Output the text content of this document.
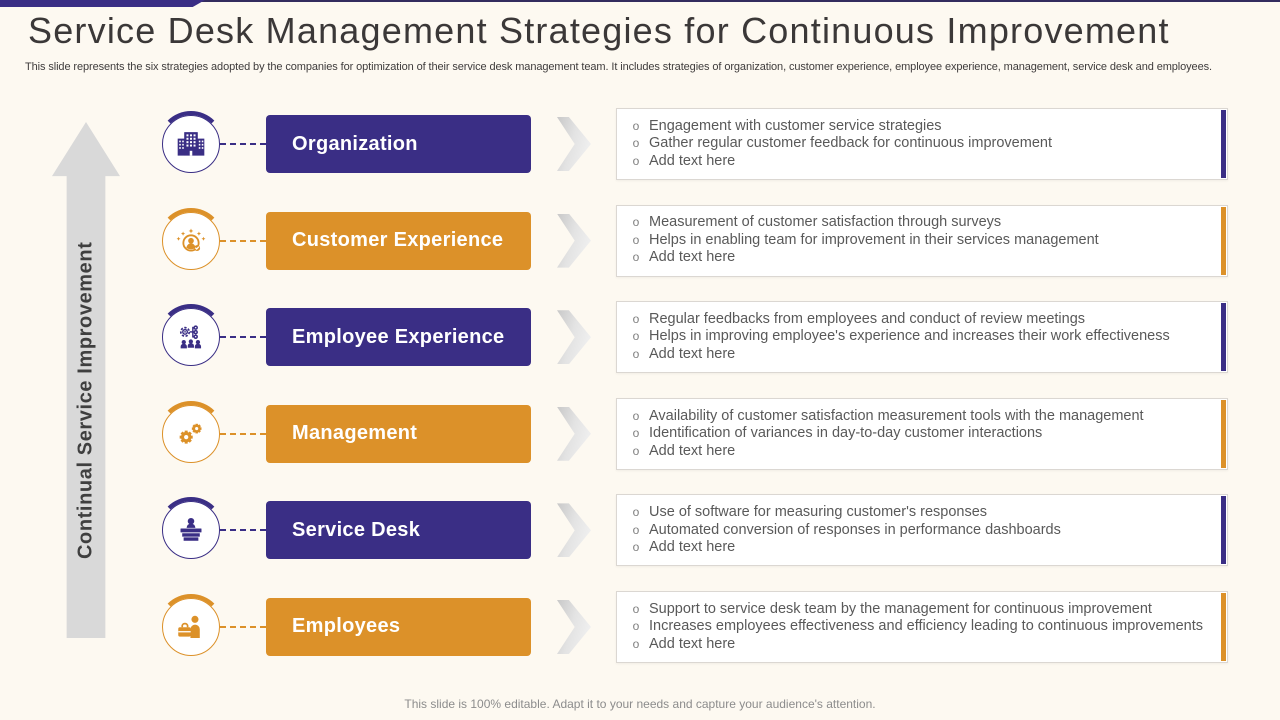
Service Desk Management Strategies for Continuous Improvement

This slide represents the six strategies adopted by the companies for optimization of their service desk management team. It includes strategies of organization, customer experience, employee experience, management, service desk and employees.

Continual Service Improvement
Organization
o Engagement with customer service strategies
o Gather regular customer feedback for continuous improvement
o Add text here
Customer Experience
o Measurement of customer satisfaction through surveys
o Helps in enabling team for improvement in their services management
o Add text here
Employee Experience
o Regular feedbacks from employees and conduct of review meetings
o Helps in improving employee's experience and increases their work effectiveness
o Add text here
Management
o Availability of customer satisfaction measurement tools with the management
o Identification of variances in day-to-day customer interactions
o Add text here
Service Desk
o Use of software for measuring customer's responses
o Automated conversion of responses in performance dashboards
o Add text here
Employees
o Support to service desk team by the management for continuous improvement
o Increases employees effectiveness and efficiency leading to continuous improvements
o Add text here

This slide is 100% editable. Adapt it to your needs and capture your audience's attention.
